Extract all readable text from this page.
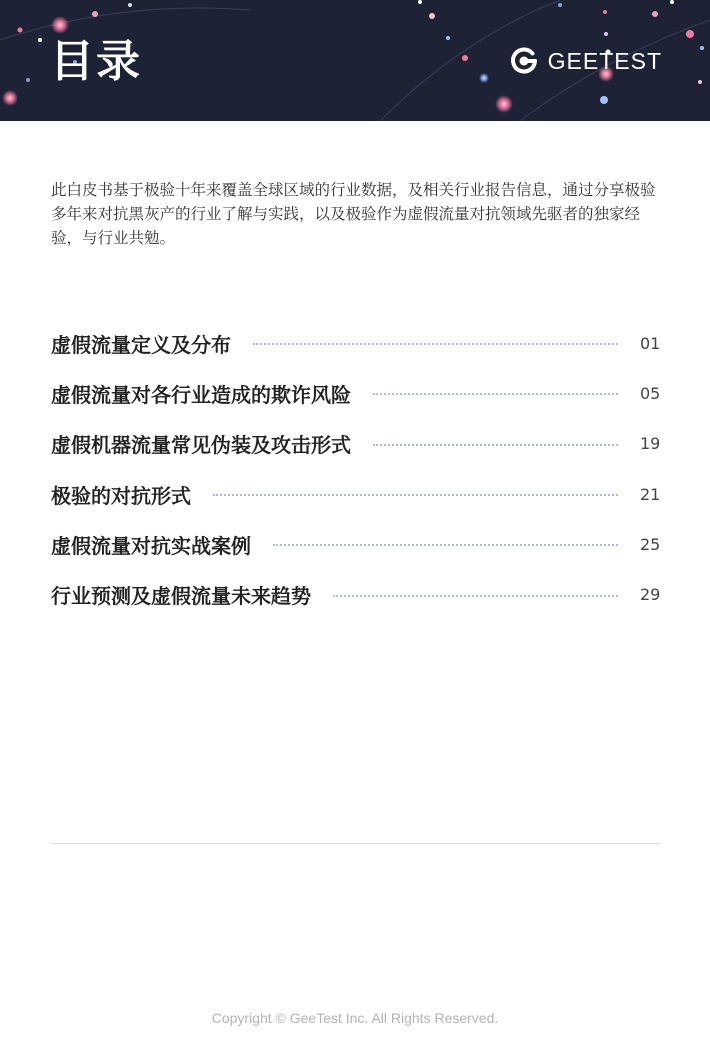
目录	GEETEST
此白皮书基于极验十年来覆盖全球区域的行业数据，及相关行业报告信息，通过分享极验多年来对抗黑灰产的行业了解与实践，以及极验作为虚假流量对抗领域先驱者的独家经验，与行业共勉。
虚假流量定义及分布	01
虚假流量对各行业造成的欺诈风险	05
虚假机器流量常见伪装及攻击形式	19
极验的对抗形式	21
虚假流量对抗实战案例	25
行业预测及虚假流量未来趋势	29
Copyright © GeeTest Inc. All Rights Reserved.
